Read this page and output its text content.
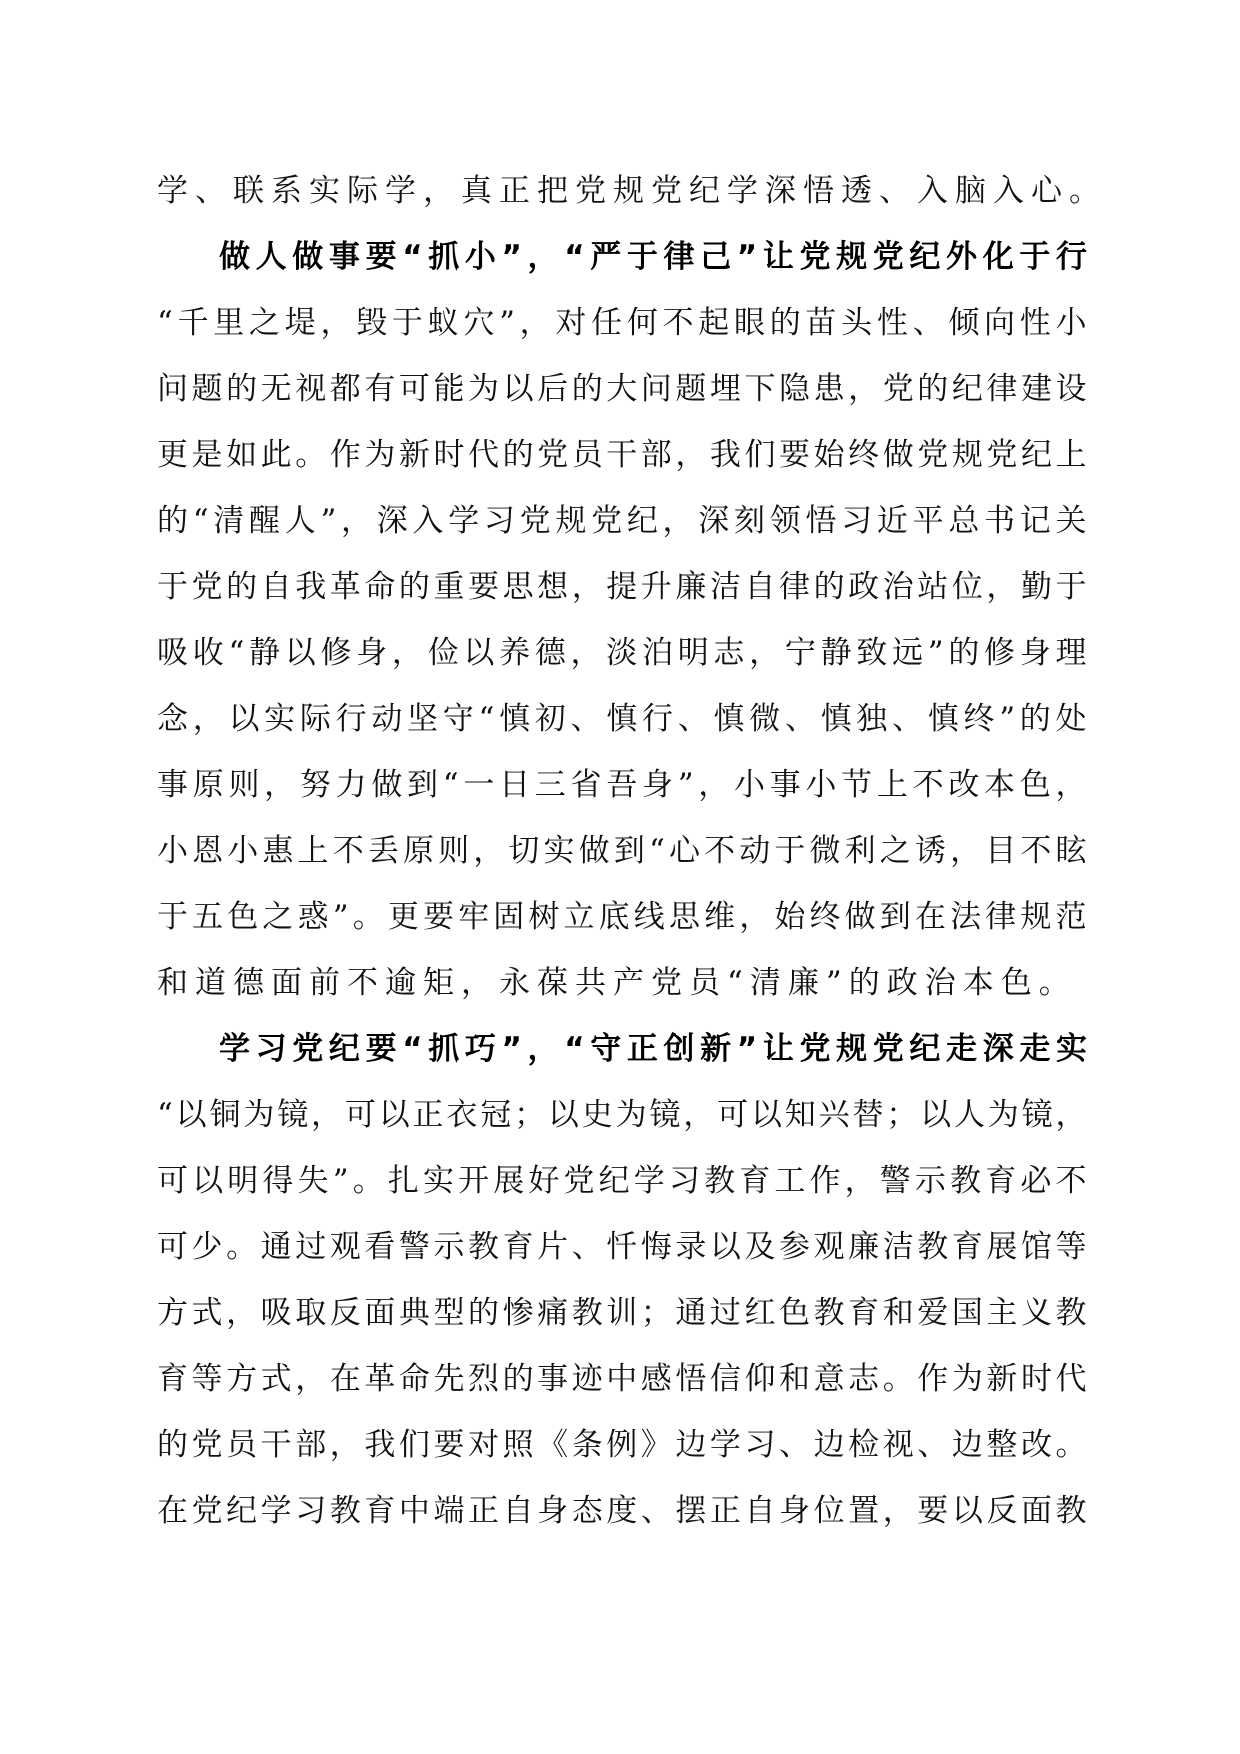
学、联系实际学，真正把党规党纪学深悟透、入脑入心。
做人做事要“抓小”，“严于律己”让党规党纪外化于行
“千里之堤，毁于蚁穴”，对任何不起眼的苗头性、倾向性小
问题的无视都有可能为以后的大问题埋下隐患，党的纪律建设
更是如此。作为新时代的党员干部，我们要始终做党规党纪上
的“清醒人”，深入学习党规党纪，深刻领悟习近平总书记关
于党的自我革命的重要思想，提升廉洁自律的政治站位，勤于
吸收“静以修身，俭以养德，淡泊明志，宁静致远”的修身理
念，以实际行动坚守“慎初、慎行、慎微、慎独、慎终”的处
事原则，努力做到“一日三省吾身”，小事小节上不改本色，
小恩小惠上不丢原则，切实做到“心不动于微利之诱，目不眩
于五色之惑”。更要牢固树立底线思维，始终做到在法律规范
和道德面前不逾矩，永葆共产党员“清廉”的政治本色。
学习党纪要“抓巧”，“守正创新”让党规党纪走深走实
“以铜为镜，可以正衣冠；以史为镜，可以知兴替；以人为镜，
可以明得失”。扎实开展好党纪学习教育工作，警示教育必不
可少。通过观看警示教育片、忏悔录以及参观廉洁教育展馆等
方式，吸取反面典型的惨痛教训；通过红色教育和爱国主义教
育等方式，在革命先烈的事迹中感悟信仰和意志。作为新时代
的党员干部，我们要对照《条例》边学习、边检视、边整改。
在党纪学习教育中端正自身态度、摆正自身位置，要以反面教
